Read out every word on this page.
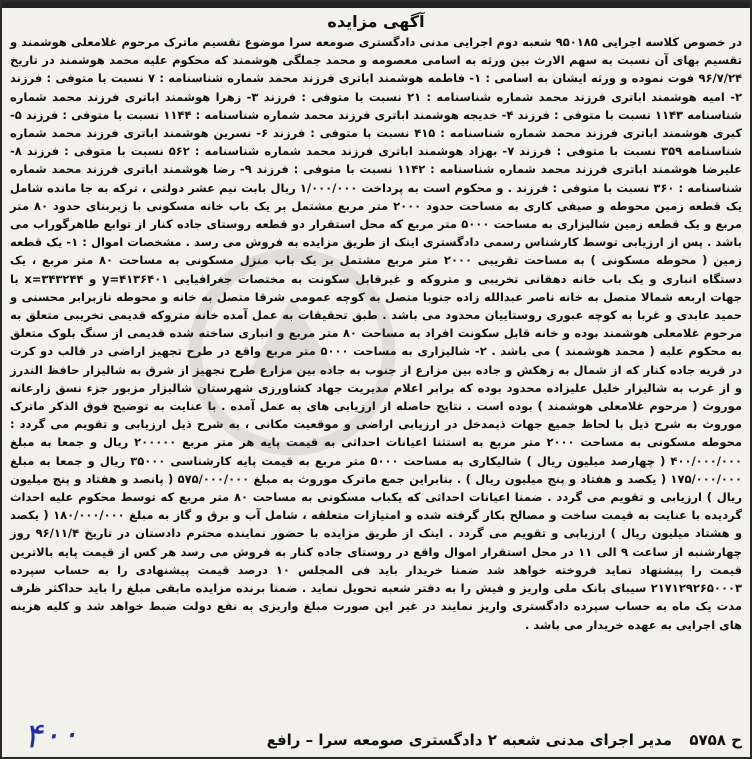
آگهی مزایده
در خصوص کلاسه اجرایی ۹۵۰۱۸۵ شعبه دوم اجرایی مدنی دادگستری صومعه سرا موضوع تقسیم ماترک مرحوم غلامعلی هوشمند و تقسیم بهای آن نسبت به سهم الارث بین ورثه به اسامی معصومه و محمد جملگی هوشمند که محکوم علیه محمد هوشمند در تاریخ ۹۶/۷/۲۴ فوت نموده و ورثه ایشان به اسامی : ۱- فاطمه هوشمند اباتری فرزند محمد شماره شناسنامه : ۷ نسبت با متوفی : فرزند ۲- امیه هوشمند اباتری فرزند محمد شماره شناسنامه : ۲۱ نسبت با متوفی : فرزند ۳- زهرا هوشمند اباتری فرزند محمد شماره شناسنامه ۱۱۴۳ نسبت با متوفی : فرزند ۴- خدیجه هوشمند اباتری فرزند محمد شماره شناسنامه : ۱۱۴۴ نسبت با متوفی : فرزند ۵- کبری هوشمند اباتری فرزند محمد شماره شناسنامه : ۴۱۵ نسبت با متوفی : فرزند ۶- نسرین هوشمند اباتری فرزند محمد شماره شناسنامه ۳۵۹ نسبت با متوفی : فرزند ۷- بهزاد هوشمند اباتری فرزند محمد شماره شناسنامه : ۵۶۲ نسبت با متوفی : فرزند ۸- علیرضا هوشمند اباتری فرزند محمد شماره شناسنامه : ۱۱۴۲ نسبت با متوفی : فرزند ۹- رضا هوشمند اباتری فرزند محمد شماره شناسنامه : ۳۶۰ نسبت با متوفی : فرزند . و محکوم است به پرداخت ۱/۰۰۰/۰۰۰ ریال بابت نیم عشر دولتی ، ترکه به جا مانده شامل یک قطعه زمین محوطه و صیفی کاری به مساحت حدود ۲۰۰۰ متر مربع مشتمل بر یک باب خانه مسکونی با زیربنای حدود ۸۰ متر مربع و یک قطعه زمین شالیزاری به مساحت ۵۰۰۰ متر مربع که محل استقرار دو قطعه روستای جاده کنار از توابع طاهرگوراب می باشد . پس از ارزیابی توسط کارشناس رسمی دادگستری اینک از طریق مزایده به فروش می رسد . مشخصات اموال : ۱- یک قطعه زمین ( محوطه مسکونی ) به مساحت تقریبی ۲۰۰۰ متر مربع مشتمل بر یک باب منزل مسکونی به مساحت ۸۰ متر مربع ، یک دستگاه انباری و یک باب خانه دهقانی تخریبی و متروکه و غیرقابل سکونت به مختصات جغرافیایی y=۴۱۳۶۴۰۱ و x=۳۴۳۲۴۴ با جهات اربعه شمالا متصل به خانه ناصر عبدالله زاده جنوبا متصل به کوچه عمومی شرقا متصل به خانه و محوطه نازبرابر محسنی و حمید عابدی و غربا به کوچه عبوری روستاییان محدود می باشد . طبق تحقیقات به عمل آمده خانه متروکه قدیمی تخریبی متعلق به مرحوم غلامعلی هوشمند بوده و خانه قابل سکونت افراد به مساحت ۸۰ متر مربع و انباری ساخته شده قدیمی از سنگ بلوک متعلق به محکوم علیه ( محمد هوشمند ) می باشد . ۲- شالیزاری به مساحت ۵۰۰۰ متر مربع واقع در طرح تجهیز اراضی در قالب دو کرت در قریه جاده کنار که از شمال به زهکش و جاده بین مزارع از جنوب به جاده بین مزارع طرح تجهیز از شرق به شالیزار حافظ الندرز و از غرب به شالیزار خلیل علیزاده محدود بوده که برابر اعلام مدیریت جهاد کشاورزی شهرستان شالیزار مزبور جزء نسق زارعانه موروث ( مرحوم غلامعلی هوشمند ) بوده است . نتایج حاصله از ارزیابی های به عمل آمده . با عنایت به توضیح فوق الذکر ماترک موروث به شرح ذیل با لحاظ جمیع جهات ذیمدخل در ارزیابی اراضی و موقعیت مکانی ، به شرح ذیل ارزیابی و تقویم می گردد : محوطه مسکونی به مساحت ۲۰۰۰ متر مربع به استثنا اعیانات احداثی به قیمت پایه هر متر مربع ۲۰۰۰۰۰ ریال و جمعا به مبلغ ۴۰۰/۰۰۰/۰۰۰ ( چهارصد میلیون ریال ) شالیکاری به مساحت ۵۰۰۰ متر مربع به قیمت پایه کارشناسی ۳۵۰۰۰ ریال و جمعا به مبلغ ۱۷۵/۰۰۰/۰۰۰ ( یکصد و هفتاد و پنج میلیون ریال ) . بنابراین جمع ماترک موروث به مبلغ ۵۷۵/۰۰۰/۰۰۰ ( پانصد و هفتاد و پنج میلیون ریال ) ارزیابی و تقویم می گردد . ضمنا اعیانات احداثی که یکباب مسکونی به مساحت ۸۰ متر مربع که توسط محکوم علیه احداث گردیده با عنایت به قیمت ساخت و مصالح بکار گرفته شده و امتیازات متعلقه ، شامل آب و برق و گاز به مبلغ ۱۸۰/۰۰۰/۰۰۰ ( یکصد و هشتاد میلیون ریال ) ارزیابی و تقویم می گردد . اینک از طریق مزایده با حضور نماینده محترم دادستان در تاریخ ۹۶/۱۱/۴ روز چهارشنبه از ساعت ۹ الی ۱۱ در محل استقرار اموال واقع در روستای جاده کنار به فروش می رسد هر کس از قیمت پایه بالاترین قیمت را پیشنهاد نماید فروخته خواهد شد ضمنا خریدار باید فی المجلس ۱۰ درصد قیمت پیشنهادی را به حساب سپرده ۲۱۷۱۲۹۲۶۵۰۰۰۳ سیبای بانک ملی واریز و فیش را به دفتر شعبه تحویل نماید . ضمنا برنده مزایده مابقی مبلغ را باید حداکثر ظرف مدت یک ماه به حساب سپرده دادگستری واریز نمایند در غیر این صورت مبلغ واریزی به نفع دولت ضبط خواهد شد و کلیه هزینه های اجرایی به عهده خریدار می باشد .
ح ۵۷۵۸ مدیر اجرای مدنی شعبه ۲ دادگستری صومعه سرا – رافع
۴۰۰
